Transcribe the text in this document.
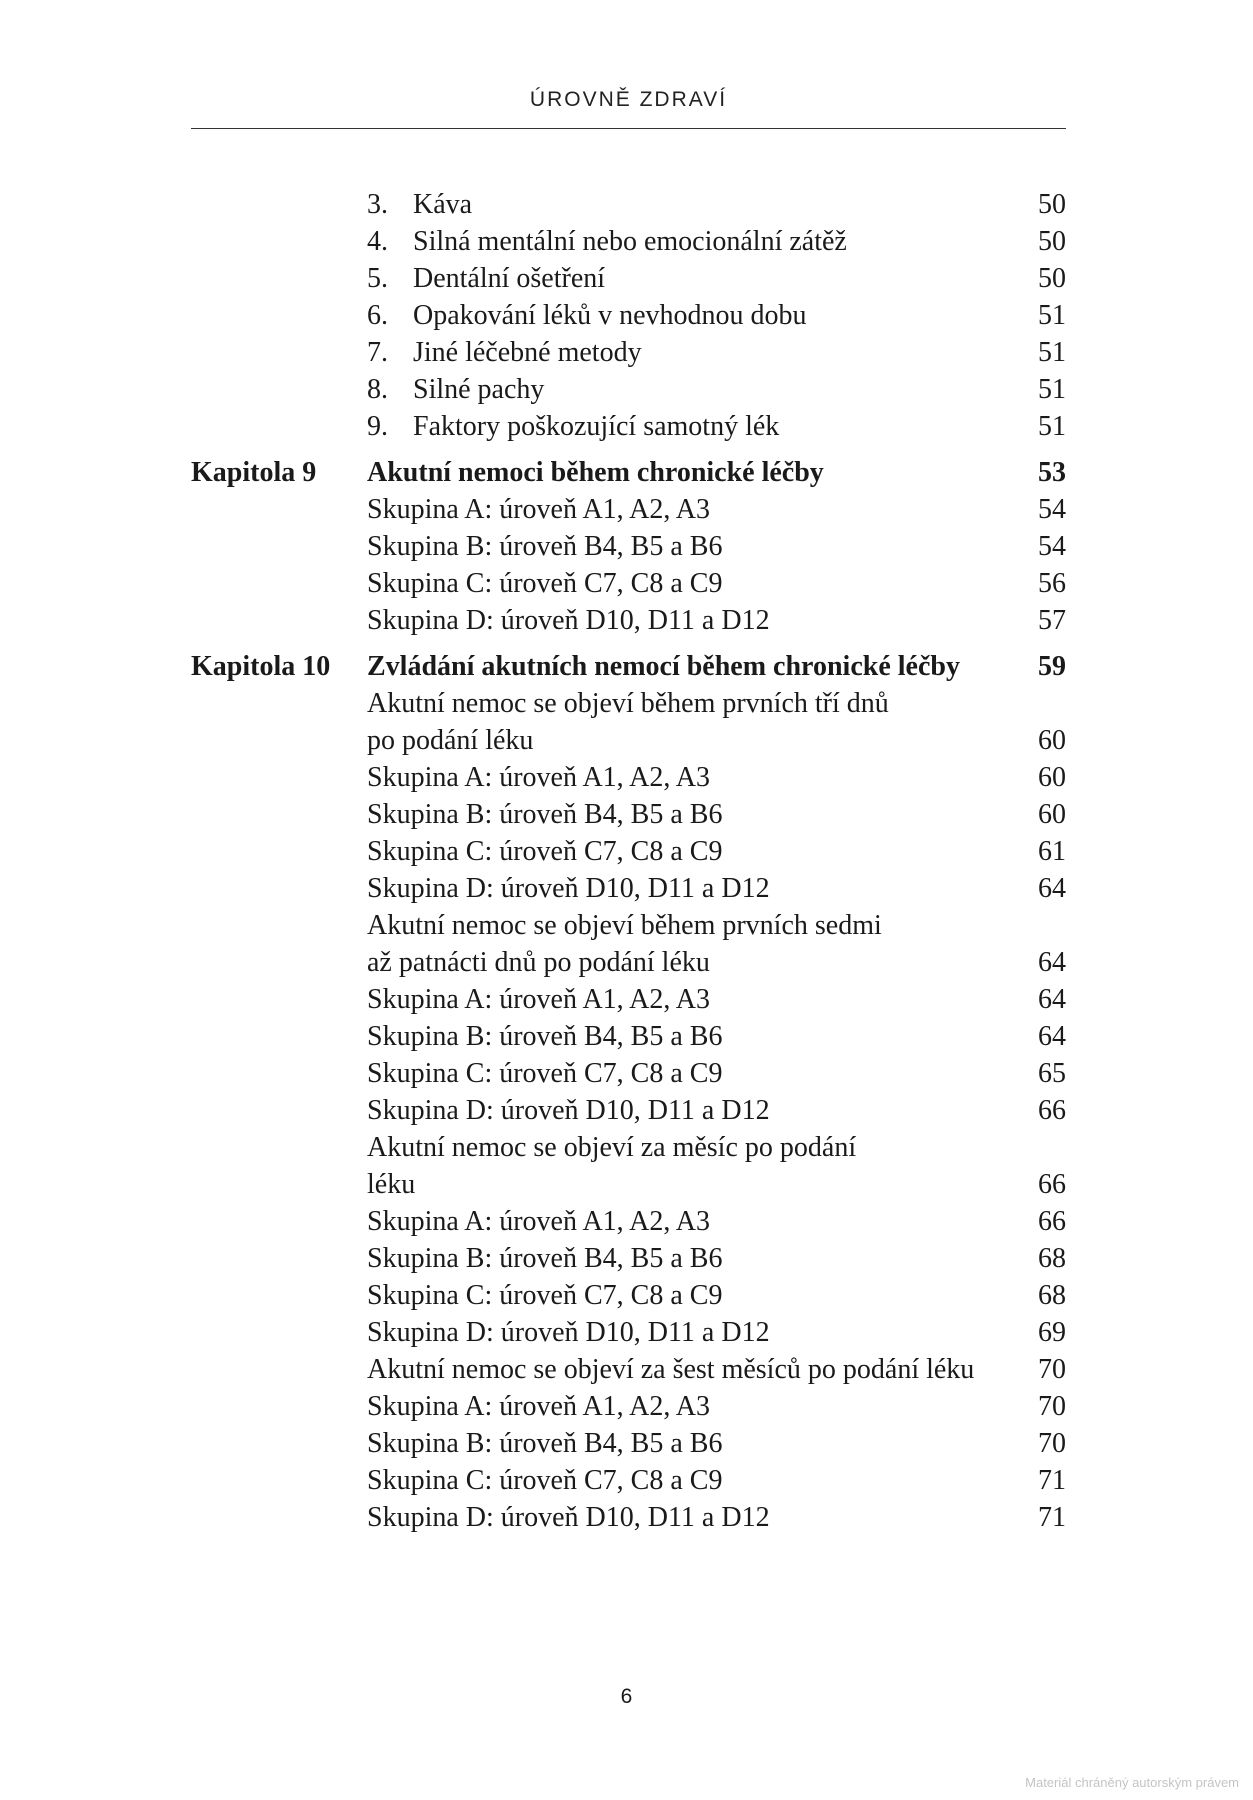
ÚROVNĚ ZDRAVÍ
3. Káva	50
4. Silná mentální nebo emocionální zátěž	50
5. Dentální ošetření	50
6. Opakování léků v nevhodnou dobu	51
7. Jiné léčebné metody	51
8. Silné pachy	51
9. Faktory poškozující samotný lék	51
Kapitola 9 Akutní nemoci během chronické léčby	53
Skupina A: úroveň A1, A2, A3	54
Skupina B: úroveň B4, B5 a B6	54
Skupina C: úroveň C7, C8 a C9	56
Skupina D: úroveň D10, D11 a D12	57
Kapitola 10 Zvládání akutních nemocí během chronické léčby	59
Akutní nemoc se objeví během prvních tří dnů
po podání léku	60
Skupina A: úroveň A1, A2, A3	60
Skupina B: úroveň B4, B5 a B6	60
Skupina C: úroveň C7, C8 a C9	61
Skupina D: úroveň D10, D11 a D12	64
Akutní nemoc se objeví během prvních sedmi
až patnácti dnů po podání léku	64
Skupina A: úroveň A1, A2, A3	64
Skupina B: úroveň B4, B5 a B6	64
Skupina C: úroveň C7, C8 a C9	65
Skupina D: úroveň D10, D11 a D12	66
Akutní nemoc se objeví za měsíc po podání
léku	66
Skupina A: úroveň A1, A2, A3	66
Skupina B: úroveň B4, B5 a B6	68
Skupina C: úroveň C7, C8 a C9	68
Skupina D: úroveň D10, D11 a D12	69
Akutní nemoc se objeví za šest měsíců po podání léku 70
Skupina A: úroveň A1, A2, A3	70
Skupina B: úroveň B4, B5 a B6	70
Skupina C: úroveň C7, C8 a C9	71
Skupina D: úroveň D10, D11 a D12	71
6
Materiál chráněný autorským právem
